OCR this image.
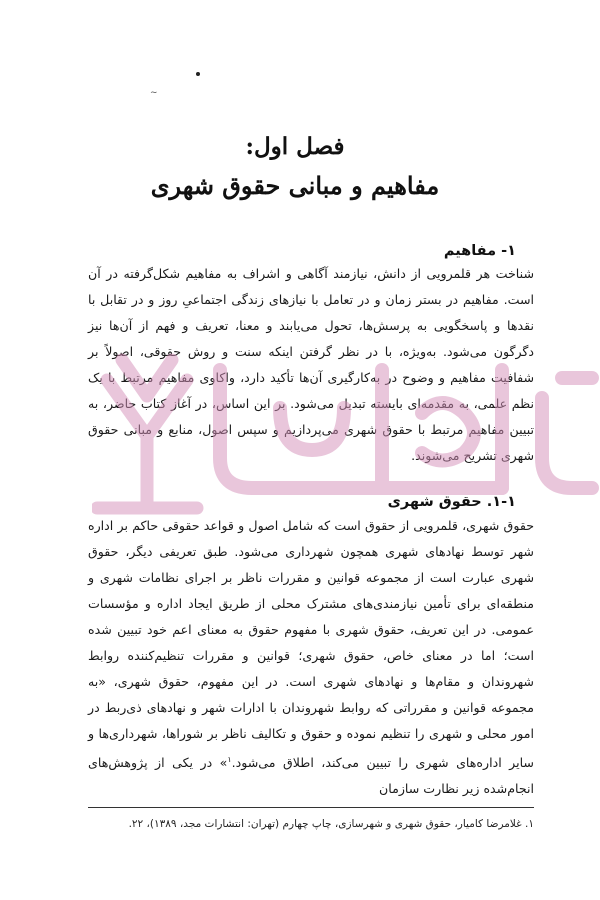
~
فصل اول:
مفاهیم و مبانی حقوق شهری
۱- مفاهیم
شناخت هر قلمرویی از دانش، نیازمند آگاهی و اشراف به مفاهیم شکل‌گرفته در آن است. مفاهیم در بستر زمان و در تعامل با نیازهای زندگی اجتماعیِ روز و در تقابل با نقدها و پاسخگویی به پرسش‌ها، تحول می‌یابند و معنا، تعریف و فهم از آن‌ها نیز دگرگون می‌شود. به‌ویژه، با در نظر گرفتن اینکه سنت و روش حقوقی، اصولاً بر شفافیت مفاهیم و وضوح در به‌کارگیری آن‌ها تأکید دارد، واکاوی مفاهیم مرتبط با یک نظم علمی، به مقدمه‌ای بایسته تبدیل می‌شود. بر این اساس، در آغاز کتاب حاضر، به تبیین مفاهیم مرتبط با حقوق شهری می‌پردازیم و سپس اصول، منابع و مبانی حقوق شهری تشریح می‌شوند.
۱-۱. حقوق شهری
حقوق شهری، قلمرویی از حقوق است که شامل اصول و قواعد حقوقی حاکم بر اداره شهر توسط نهادهای شهری همچون شهرداری می‌شود. طبق تعریفی دیگر، حقوق شهری عبارت است از مجموعه قوانین و مقررات ناظر بر اجرای نظامات شهری و منطقه‌ای برای تأمین نیازمندی‌های مشترک محلی از طریق ایجاد اداره و مؤسسات عمومی. در این تعریف، حقوق شهری با مفهوم حقوق به معنای اعم خود تبیین شده است؛ اما در معنای خاص، حقوق شهری؛ قوانین و مقررات تنظیم‌کننده روابط شهروندان و مقام‌ها و نهادهای شهری است. در این مفهوم، حقوق شهری، «به مجموعه قوانین و مقرراتی که روابط شهروندان با ادارات شهر و نهادهای ذی‌ربط در امور محلی و شهری را تنظیم نموده و حقوق و تکالیف ناظر بر شوراها، شهرداری‌ها و سایر اداره‌های شهری را تبیین می‌کند، اطلاق می‌شود.$^۱$» در یکی از پژوهش‌های انجام‌شده زیر نظارت سازمان
۱. غلامرضا کامیار، حقوق شهری و شهرسازی، چاپ چهارم (تهران: انتشارات مجد، ۱۳۸۹)، ۲۲.
